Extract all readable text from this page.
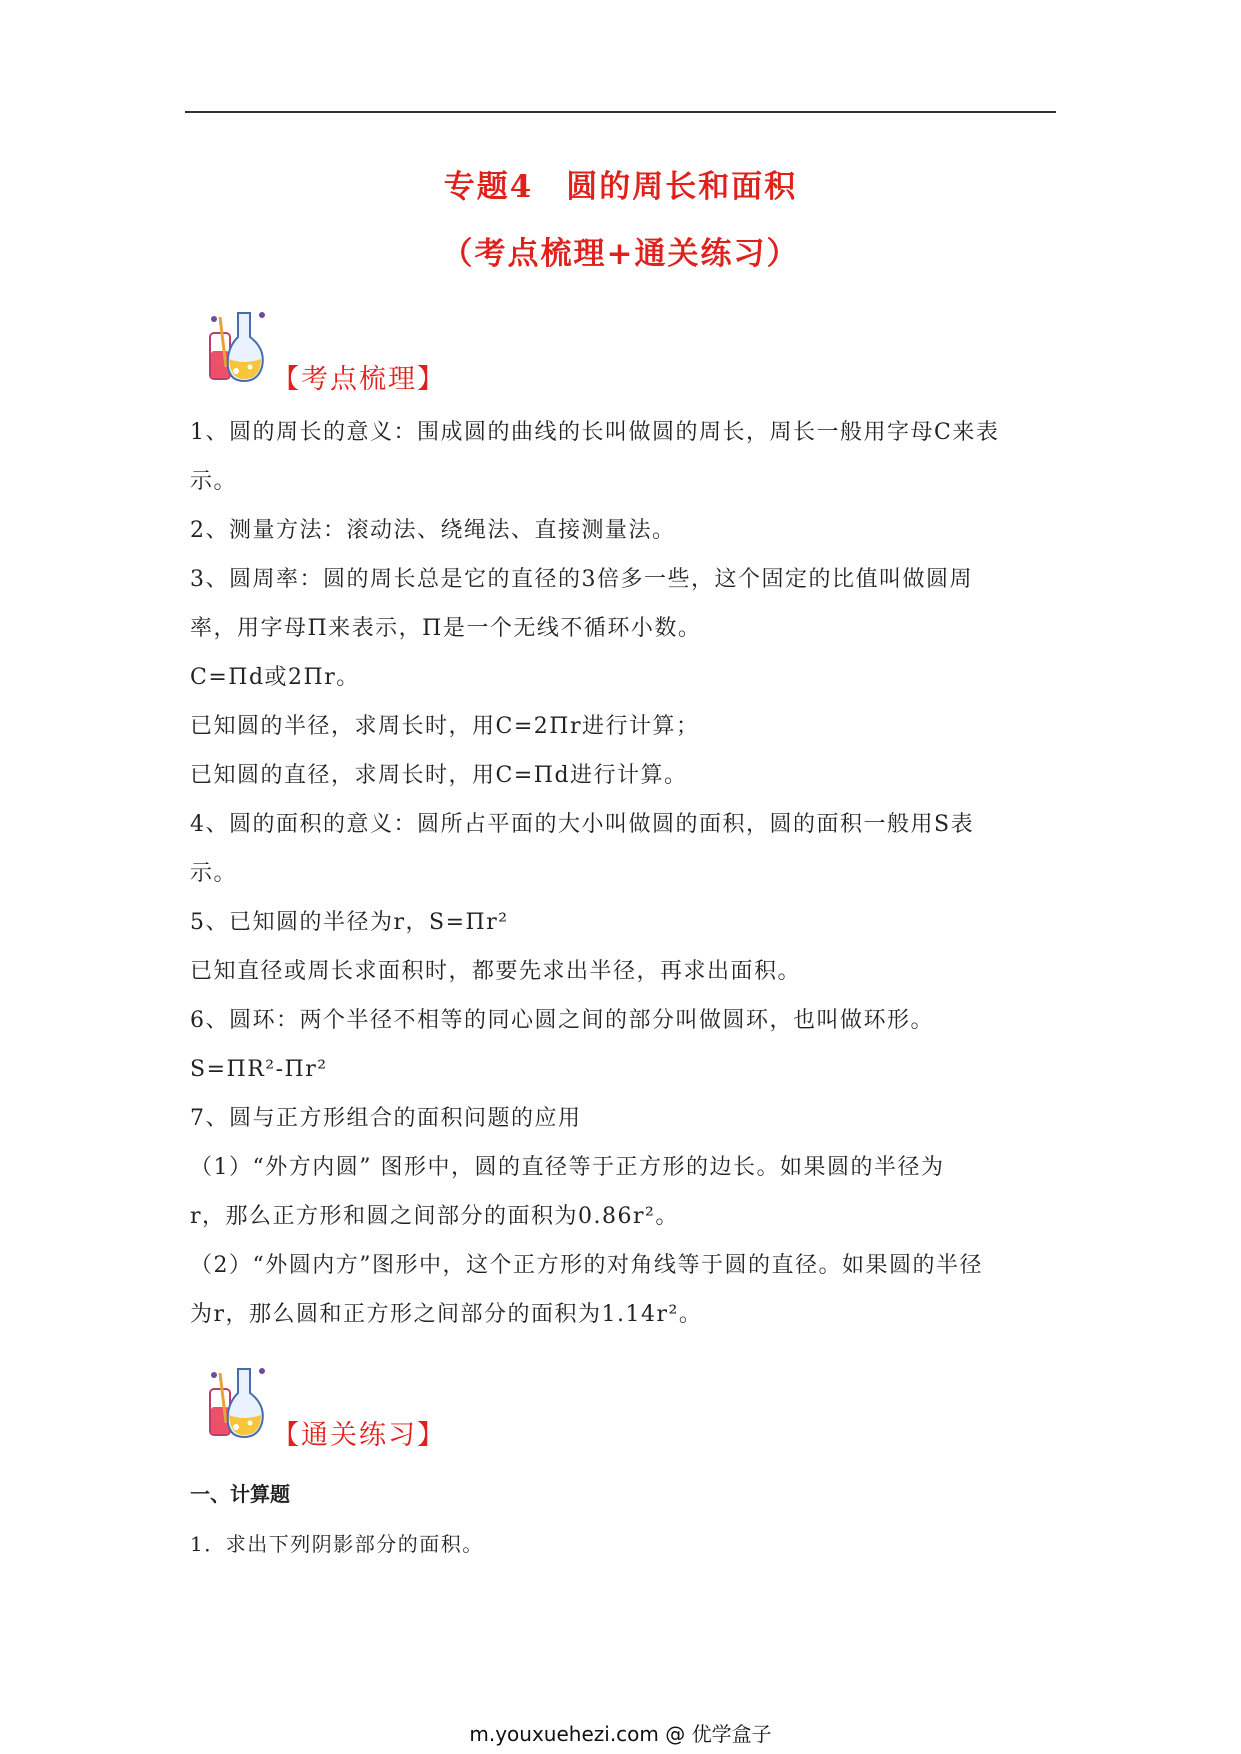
专题4　圆的周长和面积
（考点梳理+通关练习）
【考点梳理】

1、圆的周长的意义：围成圆的曲线的长叫做圆的周长，周长一般用字母C来表

示。

2、测量方法：滚动法、绕绳法、直接测量法。

3、圆周率：圆的周长总是它的直径的3倍多一些，这个固定的比值叫做圆周

率，用字母Π来表示，Π是一个无线不循环小数。

C=Πd或2Πr。

已知圆的半径，求周长时，用C=2Πr进行计算；

已知圆的直径，求周长时，用C=Πd进行计算。

4、圆的面积的意义：圆所占平面的大小叫做圆的面积，圆的面积一般用S表

示。

5、已知圆的半径为r，S=Πr²

已知直径或周长求面积时，都要先求出半径，再求出面积。

6、圆环：两个半径不相等的同心圆之间的部分叫做圆环，也叫做环形。

S=ΠR²-Πr²

7、圆与正方形组合的面积问题的应用

（1）“外方内圆” 图形中，圆的直径等于正方形的边长。如果圆的半径为

r，那么正方形和圆之间部分的面积为0.86r²。

（2）“外圆内方”图形中，这个正方形的对角线等于圆的直径。如果圆的半径

为r，那么圆和正方形之间部分的面积为1.14r²。

【通关练习】
一、计算题
1．求出下列阴影部分的面积。
m.youxuehezi.com @ 优学盒子
